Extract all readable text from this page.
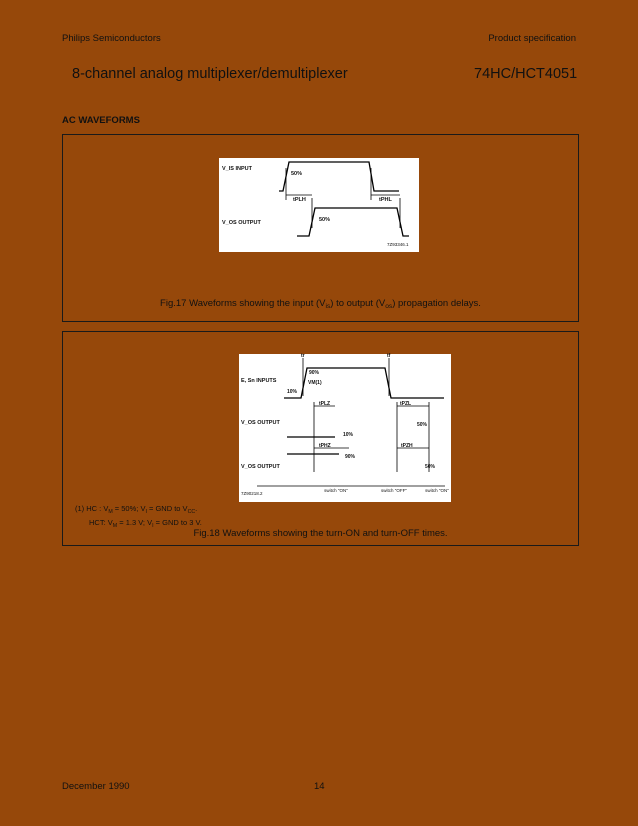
Philips Semiconductors	Product specification
8-channel analog multiplexer/demultiplexer	74HC/HCT4051
AC WAVEFORMS
V_IS INPUT
V_OS OUTPUT
50%
50%
tPLH	tPHL
7Z93346.1
Fig.17 Waveforms showing the input $(V_{is})$ to output $(V_{os})$ propagation delays.
tr	tf
E, Sn INPUTS	VM(1)
90%
10%
tPLZ	tPZL
V_OS OUTPUT
10%
50%
tPHZ	tPZH
V_OS OUTPUT
90%
50%
7Z90218.2
switch "ON"	switch "OFF"	switch "ON"
(1) HC : $V_M = 50\%$; $V_I$ = GND to $V_{CC}$.
HCT: $V_M = 1.3$ V; $V_I$ = GND to 3 V.
Fig.18 Waveforms showing the turn-ON and turn-OFF times.
December 1990	14
